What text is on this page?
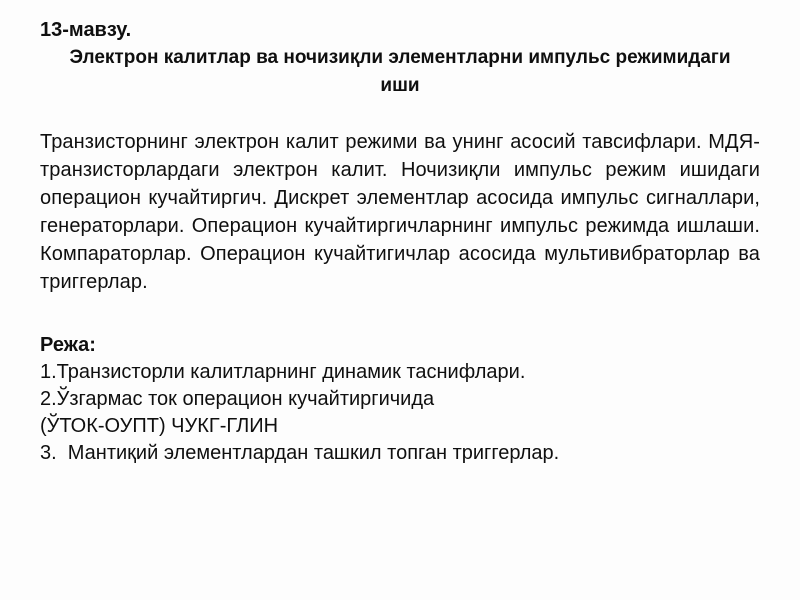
13-мавзу.
Электрон калитлар ва ночизиқли элементларни импульс режимидаги
иши

Транзисторнинг электрон калит режими ва унинг асосий тавсифлари. МДЯ-транзисторлардаги электрон калит. Ночизиқли импульс режим ишидаги операцион кучайтиргич. Дискрет элементлар асосида импульс сигналлари, генераторлари. Операцион кучайтиргичларнинг импульс режимда ишлаши. Компараторлар. Операцион кучайтигичлар асосида мультивибраторлар ва триггерлар.

Режа:
1.Транзисторли калитларнинг динамик таснифлари.
2.Ўзгармас ток операцион кучайтиргичида
(ЎТОК-ОУПТ) ЧУКГ-ГЛИН
3.  Мантиқий элементлардан ташкил топган триггерлар.
